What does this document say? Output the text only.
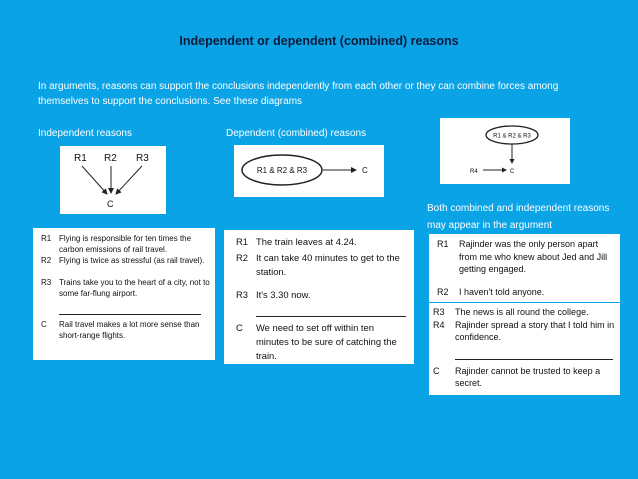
Independent or dependent (combined) reasons
In arguments, reasons can support the conclusions independently from each other or they can combine forces among themselves to support the conclusions. See these diagrams
Independent reasons	Dependent (combined) reasons
Both combined and independent reasons may appear in the argument
R1 R2 R3
C
R1 & R2 & R3	C
R1 & R2 & R3
R4	C
R1 Flying is responsible for ten times the carbon emissions of rail travel.
R2 Flying is twice as stressful (as rail travel).
R3 Trains take you to the heart of a city, not to some far-flung airport.
C	Rail travel makes a lot more sense than short-range flights.
R1 The train leaves at 4.24.
R2 It can take 40 minutes to get to the station.
R3 It's 3.30 now.
C	We need to set off within ten minutes to be sure of catching the train.
R1	Rajinder was the only person apart from me who knew about Jed and Jill getting engaged.
R2	I haven't told anyone.
R3	The news is all round the college.
R4	Rajinder spread a story that I told him in confidence.
C	Rajinder cannot be trusted to keep a secret.
